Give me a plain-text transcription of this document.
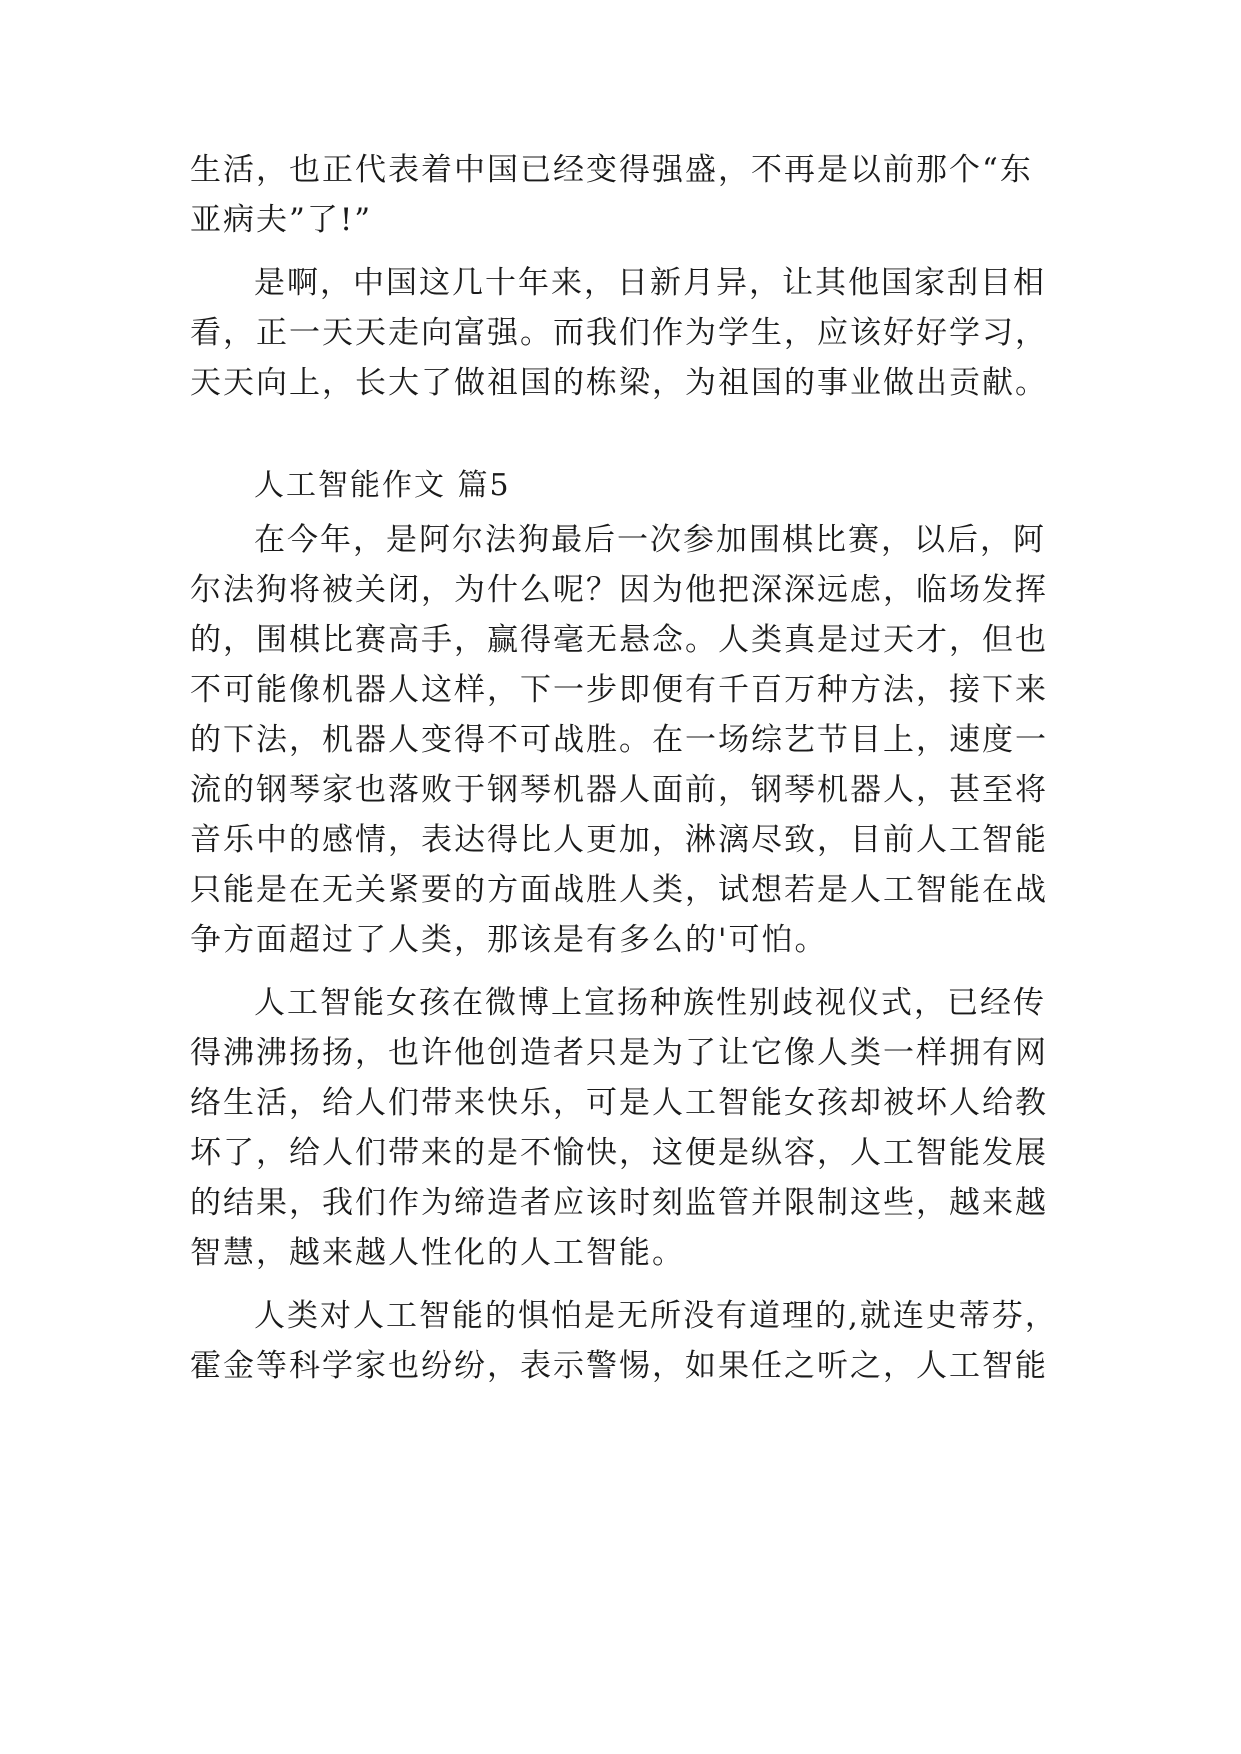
生活，也正代表着中国已经变得强盛，不再是以前那个“东
亚病夫”了!”
是啊，中国这几十年来，日新月异，让其他国家刮目相
看，正一天天走向富强。而我们作为学生，应该好好学习，
天天向上，长大了做祖国的栋梁，为祖国的事业做出贡献。
人工智能作文 篇5
在今年，是阿尔法狗最后一次参加围棋比赛，以后，阿
尔法狗将被关闭，为什么呢？因为他把深深远虑，临场发挥
的，围棋比赛高手，赢得毫无悬念。人类真是过天才，但也
不可能像机器人这样，下一步即便有千百万种方法，接下来
的下法，机器人变得不可战胜。在一场综艺节目上，速度一
流的钢琴家也落败于钢琴机器人面前，钢琴机器人，甚至将
音乐中的感情，表达得比人更加，淋漓尽致，目前人工智能
只能是在无关紧要的方面战胜人类，试想若是人工智能在战
争方面超过了人类，那该是有多么的'可怕。
人工智能女孩在微博上宣扬种族性别歧视仪式，已经传
得沸沸扬扬，也许他创造者只是为了让它像人类一样拥有网
络生活，给人们带来快乐，可是人工智能女孩却被坏人给教
坏了，给人们带来的是不愉快，这便是纵容，人工智能发展
的结果，我们作为缔造者应该时刻监管并限制这些，越来越
智慧，越来越人性化的人工智能。
人类对人工智能的惧怕是无所没有道理的,就连史蒂芬，
霍金等科学家也纷纷，表示警惕，如果任之听之，人工智能
